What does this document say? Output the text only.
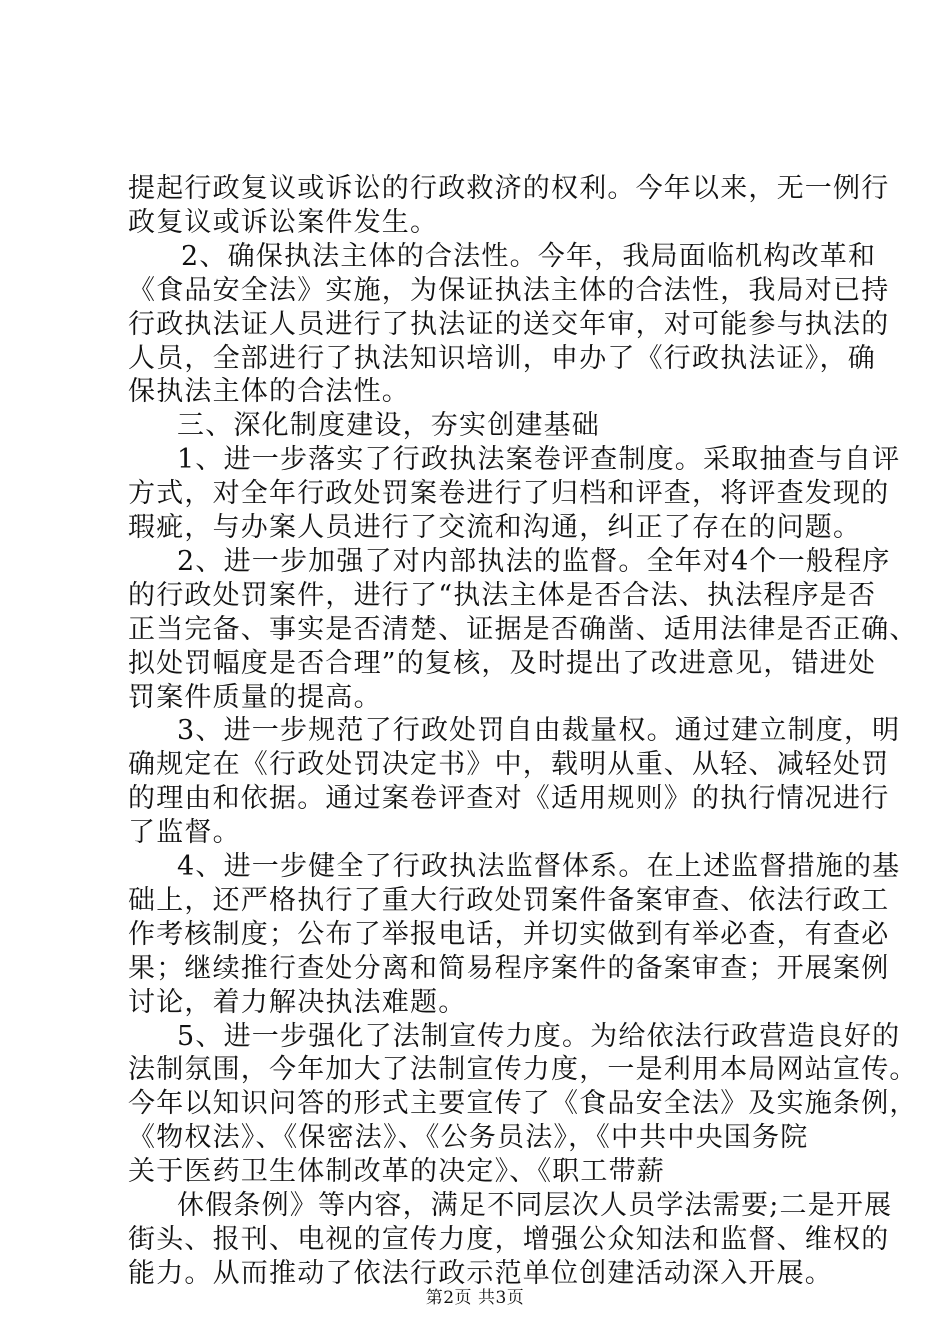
提起行政复议或诉讼的行政救济的权利。今年以来，无一例行
政复议或诉讼案件发生。
2、确保执法主体的合法性。今年，我局面临机构改革和
《食品安全法》实施，为保证执法主体的合法性，我局对已持
行政执法证人员进行了执法证的送交年审，对可能参与执法的
人员，全部进行了执法知识培训，申办了《行政执法证》，确
保执法主体的合法性。
三、深化制度建设，夯实创建基础
1、进一步落实了行政执法案卷评查制度。采取抽查与自评
方式，对全年行政处罚案卷进行了归档和评查，将评查发现的
瑕疵，与办案人员进行了交流和沟通，纠正了存在的问题。
2、进一步加强了对内部执法的监督。全年对4个一般程序
的行政处罚案件，进行了“执法主体是否合法、执法程序是否
正当完备、事实是否清楚、证据是否确凿、适用法律是否正确、
拟处罚幅度是否合理”的复核，及时提出了改进意见，错进处
罚案件质量的提高。
3、进一步规范了行政处罚自由裁量权。通过建立制度，明
确规定在《行政处罚决定书》中，载明从重、从轻、减轻处罚
的理由和依据。通过案卷评查对《适用规则》的执行情况进行
了监督。
4、进一步健全了行政执法监督体系。在上述监督措施的基
础上，还严格执行了重大行政处罚案件备案审查、依法行政工
作考核制度；公布了举报电话，并切实做到有举必查，有查必
果；继续推行查处分离和简易程序案件的备案审查；开展案例
讨论，着力解决执法难题。
5、进一步强化了法制宣传力度。为给依法行政营造良好的
法制氛围，今年加大了法制宣传力度，一是利用本局网站宣传。
今年以知识问答的形式主要宣传了《食品安全法》及实施条例，
《物权法》、《保密法》、《公务员法》，《中共中央国务院
关于医药卫生体制改革的决定》、《职工带薪
休假条例》等内容，满足不同层次人员学法需要;二是开展
街头、报刊、电视的宣传力度，增强公众知法和监督、维权的
能力。从而推动了依法行政示范单位创建活动深入开展。
第2页 共3页
